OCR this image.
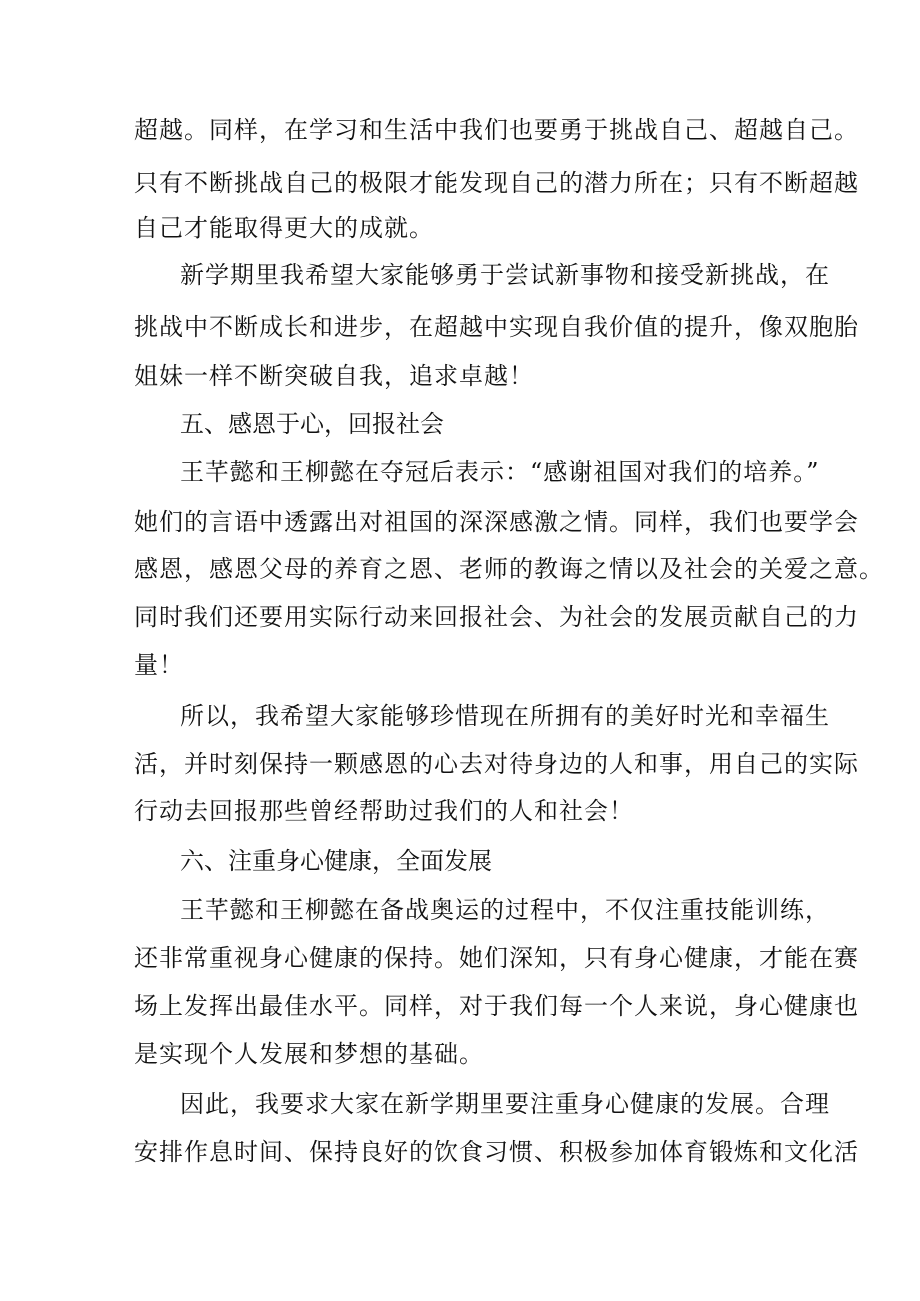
超越。同样，在学习和生活中我们也要勇于挑战自己、超越自己。
只有不断挑战自己的极限才能发现自己的潜力所在；只有不断超越
自己才能取得更大的成就。
新学期里我希望大家能够勇于尝试新事物和接受新挑战，在
挑战中不断成长和进步，在超越中实现自我价值的提升，像双胞胎
姐妹一样不断突破自我，追求卓越！
五、感恩于心，回报社会
王芊懿和王柳懿在夺冠后表示：“感谢祖国对我们的培养。”
她们的言语中透露出对祖国的深深感激之情。同样，我们也要学会
感恩，感恩父母的养育之恩、老师的教诲之情以及社会的关爱之意。
同时我们还要用实际行动来回报社会、为社会的发展贡献自己的力
量！
所以，我希望大家能够珍惜现在所拥有的美好时光和幸福生
活，并时刻保持一颗感恩的心去对待身边的人和事，用自己的实际
行动去回报那些曾经帮助过我们的人和社会！
六、注重身心健康，全面发展
王芊懿和王柳懿在备战奥运的过程中，不仅注重技能训练，
还非常重视身心健康的保持。她们深知，只有身心健康，才能在赛
场上发挥出最佳水平。同样，对于我们每一个人来说，身心健康也
是实现个人发展和梦想的基础。
因此，我要求大家在新学期里要注重身心健康的发展。合理
安排作息时间、保持良好的饮食习惯、积极参加体育锻炼和文化活
